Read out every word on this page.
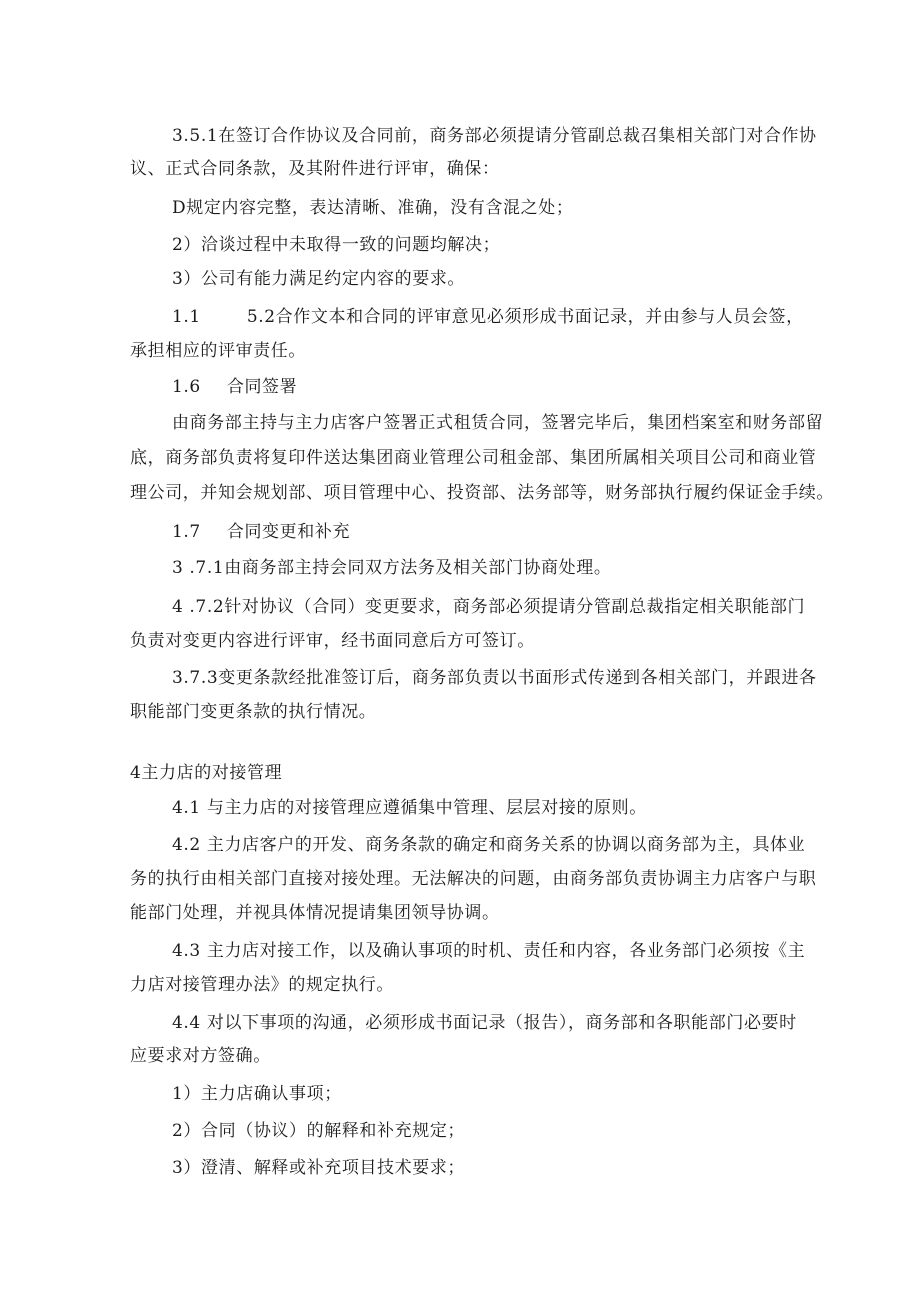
3.5.1在签订合作协议及合同前，商务部必须提请分管副总裁召集相关部门对合作协
议、正式合同条款，及其附件进行评审，确保：
D规定内容完整，表达清晰、准确，没有含混之处；
2）洽谈过程中未取得一致的问题均解决；
3）公司有能力满足约定内容的要求。
1.1	5.2合作文本和合同的评审意见必须形成书面记录，并由参与人员会签，
承担相应的评审责任。
1.6 合同签署
由商务部主持与主力店客户签署正式租赁合同，签署完毕后，集团档案室和财务部留
底，商务部负责将复印件送达集团商业管理公司租金部、集团所属相关项目公司和商业管
理公司，并知会规划部、项目管理中心、投资部、法务部等，财务部执行履约保证金手续。
1.7 合同变更和补充
3 .7.1由商务部主持会同双方法务及相关部门协商处理。
4 .7.2针对协议（合同）变更要求，商务部必须提请分管副总裁指定相关职能部门
负责对变更内容进行评审，经书面同意后方可签订。
3.7.3变更条款经批准签订后，商务部负责以书面形式传递到各相关部门，并跟进各
职能部门变更条款的执行情况。
4主力店的对接管理
4.1 与主力店的对接管理应遵循集中管理、层层对接的原则。
4.2 主力店客户的开发、商务条款的确定和商务关系的协调以商务部为主，具体业
务的执行由相关部门直接对接处理。无法解决的问题，由商务部负责协调主力店客户与职
能部门处理，并视具体情况提请集团领导协调。
4.3 主力店对接工作，以及确认事项的时机、责任和内容，各业务部门必须按《主
力店对接管理办法》的规定执行。
4.4 对以下事项的沟通，必须形成书面记录（报告），商务部和各职能部门必要时
应要求对方签确。
1）主力店确认事项；
2）合同（协议）的解释和补充规定；
3）澄清、解释或补充项目技术要求；
